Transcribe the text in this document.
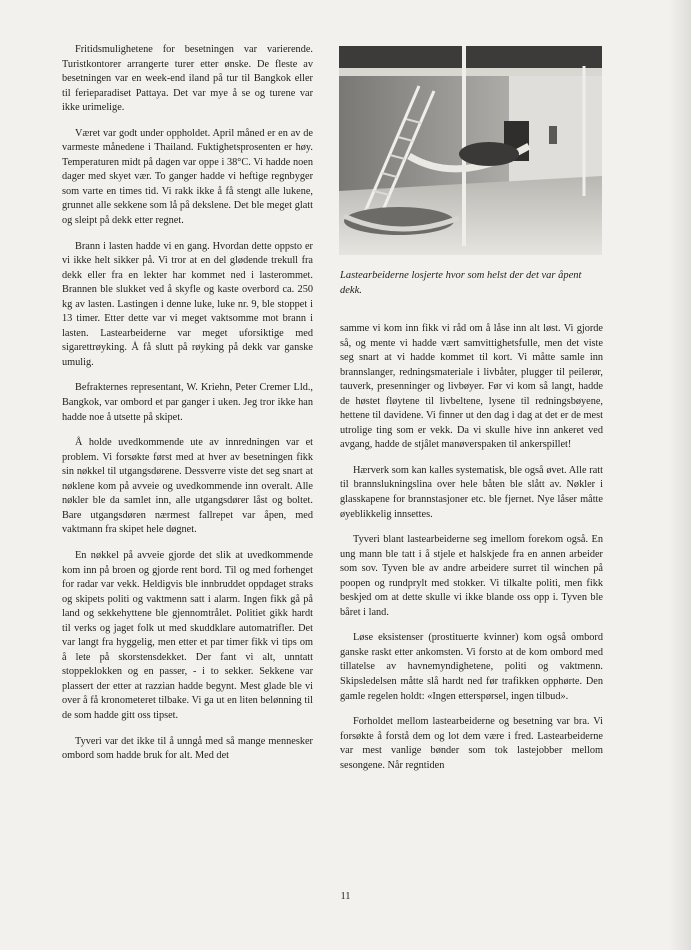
Fritidsmulighetene for besetningen var varierende. Turistkontorer arrangerte turer etter ønske. De fleste av besetningen var en week-end iland på tur til Bangkok eller til ferieparadiset Pattaya. Det var mye å se og turene var ikke urimelige.

Været var godt under oppholdet. April måned er en av de varmeste månedene i Thailand. Fuktighetsprosenten er høy. Temperaturen midt på dagen var oppe i 38°C. Vi hadde noen dager med skyet vær. To ganger hadde vi heftige regnbyger som varte en times tid. Vi rakk ikke å få stengt alle lukene, grunnet alle sekkene som lå på dekslene. Det ble meget glatt og sleipt på dekk etter regnet.

Brann i lasten hadde vi en gang. Hvordan dette oppsto er vi ikke helt sikker på. Vi tror at en del glødende trekull fra dekk eller fra en lekter har kommet ned i lasterommet. Brannen ble slukket ved å skyfle og kaste overbord ca. 250 kg av lasten. Lastingen i denne luke, luke nr. 9, ble stoppet i 13 timer. Etter dette var vi meget vaktsomme mot brann i lasten. Lastearbeiderne var meget uforsiktige med sigarettrøyking. Å få slutt på røyking på dekk var ganske umulig.

Befrakternes representant, W. Kriehn, Peter Cremer Lld., Bangkok, var ombord et par ganger i uken. Jeg tror ikke han hadde noe å utsette på skipet.

Å holde uvedkommende ute av innredningen var et problem. Vi forsøkte først med at hver av besetningen fikk sin nøkkel til utgangsdørene. Dessverre viste det seg snart at nøklene kom på avveie og uvedkommende inn overalt. Alle nøkler ble da samlet inn, alle utgangsdører låst og boltet. Bare utgangsdøren nærmest fallrepet var åpen, med vaktmann fra skipet hele døgnet.

En nøkkel på avveie gjorde det slik at uvedkommende kom inn på broen og gjorde rent bord. Til og med forhenget for radar var vekk. Heldigvis ble innbruddet oppdaget straks og skipets politi og vaktmenn satt i alarm. Ingen fikk gå på land og sekkehyttene ble gjennomtrålet. Politiet gikk hardt til verks og jaget folk ut med skuddklare automatrifler. Det var langt fra hyggelig, men etter et par timer fikk vi tips om å lete på skorstensdekket. Der fant vi alt, unntatt stoppeklokken og en passer, - i to sekker. Sekkene var plassert der etter at razzian hadde begynt. Mest glade ble vi over å få kronometeret tilbake. Vi ga ut en liten belønning til de som hadde gitt oss tipset.

Tyveri var det ikke til å unngå med så mange mennesker ombord som hadde bruk for alt. Med det

Lastearbeiderne losjerte hvor som helst der det var åpent dekk.

samme vi kom inn fikk vi råd om å låse inn alt løst. Vi gjorde så, og mente vi hadde vært samvittighetsfulle, men det viste seg snart at vi hadde kommet til kort. Vi måtte samle inn brannslanger, redningsmateriale i livbåter, plugger til peilerør, tauverk, presenninger og livbøyer. Før vi kom så langt, hadde de høstet fløytene til livbeltene, lysene til redningsbøyene, hettene til davidene. Vi finner ut den dag i dag at det er de mest utrolige ting som er vekk. Da vi skulle hive inn ankeret ved avgang, hadde de stjålet manøverspaken til ankerspillet!

Hærverk som kan kalles systematisk, ble også øvet. Alle ratt til brannslukningslina over hele båten ble slått av. Nøkler i glasskapene for brannstasjoner etc. ble fjernet. Nye låser måtte øyeblikkelig innsettes.

Tyveri blant lastearbeiderne seg imellom forekom også. En ung mann ble tatt i å stjele et halskjede fra en annen arbeider som sov. Tyven ble av andre arbeidere surret til winchen på poopen og rundprylt med stokker. Vi tilkalte politi, men fikk beskjed om at dette skulle vi ikke blande oss opp i. Tyven ble båret i land.

Løse eksistenser (prostituerte kvinner) kom også ombord ganske raskt etter ankomsten. Vi forsto at de kom ombord med tillatelse av havnemyndighetene, politi og vaktmenn. Skipsledelsen måtte slå hardt ned før trafikken opphørte. Den gamle regelen holdt: «Ingen etterspørsel, ingen tilbud».

Forholdet mellom lastearbeiderne og besetning var bra. Vi forsøkte å forstå dem og lot dem være i fred. Lastearbeiderne var mest vanlige bønder som tok lastejobber mellom sesongene. Når regntiden

11
